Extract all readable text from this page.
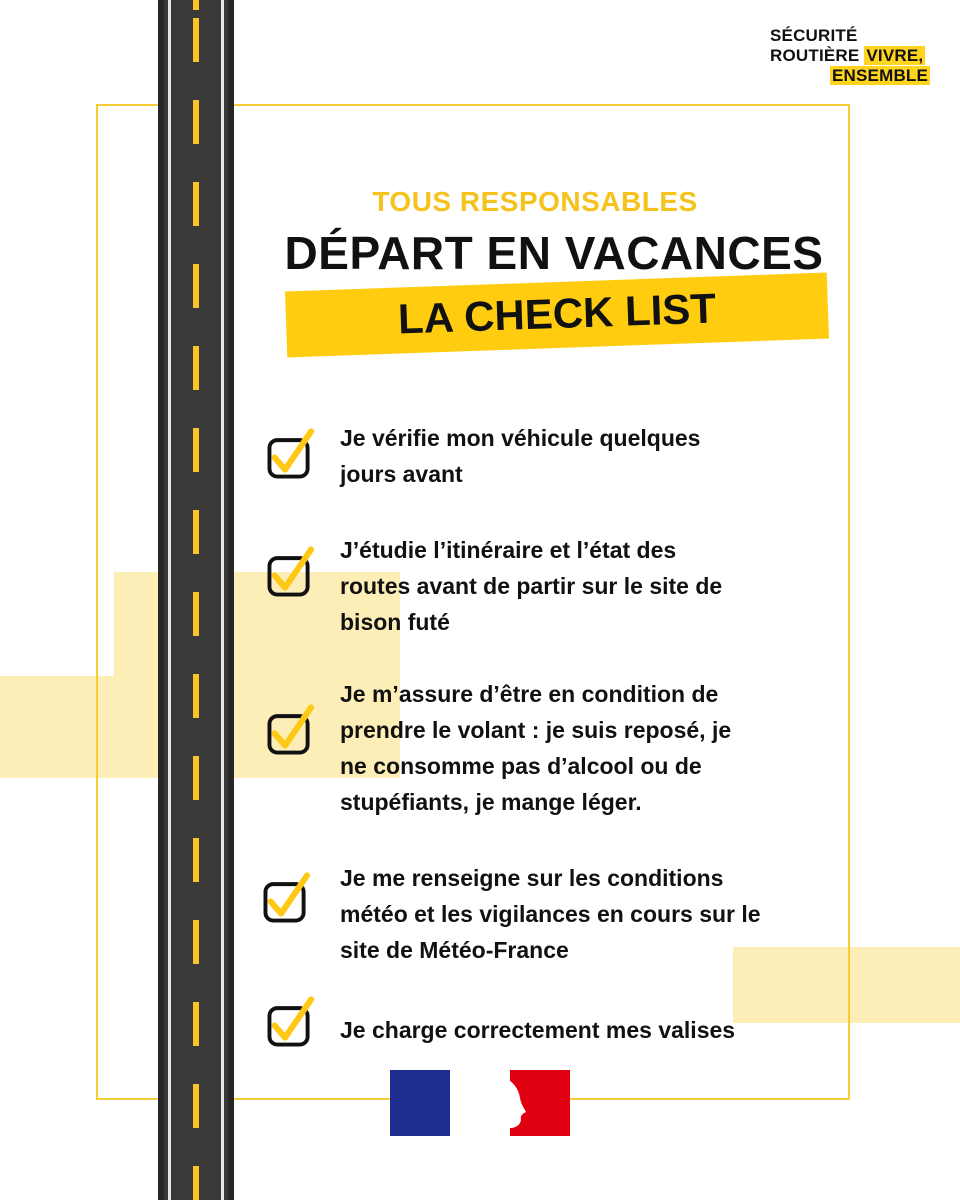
SÉCURITÉ
ROUTIÈRE VIVRE,
ENSEMBLE
TOUS RESPONSABLES
DÉPART EN VACANCES
LA CHECK LIST
Je vérifie mon véhicule quelques
jours avant
J’étudie l’itinéraire et l’état des
routes avant de partir sur le site de
bison futé
Je m’assure d’être en condition de
prendre le volant : je suis reposé, je
ne consomme pas d’alcool ou de
stupéfiants, je mange léger.
Je me renseigne sur les conditions
météo et les vigilances en cours sur le
site de Météo-France
Je charge correctement mes valises
